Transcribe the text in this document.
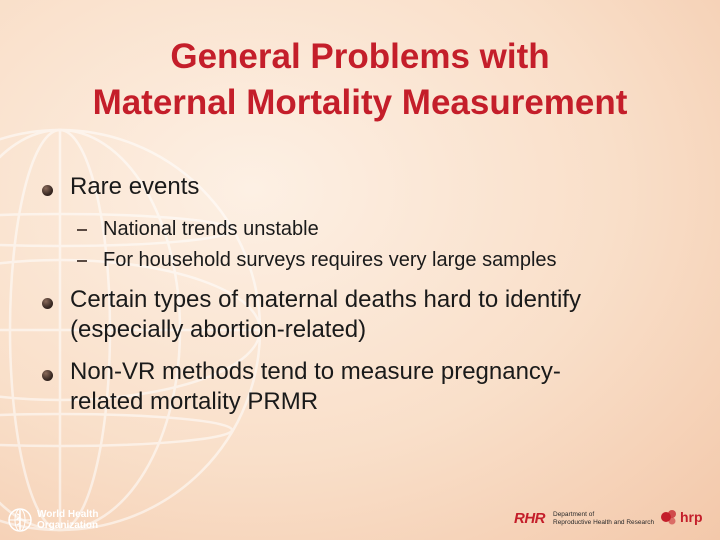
General Problems with
Maternal Mortality Measurement
Rare events
National trends unstable
For household surveys requires very large samples
Certain types of maternal deaths hard to identify
(especially abortion-related)
Non-VR methods tend to measure pregnancy-
related mortality PRMR
World Health
Organization	RHR Department of
Reproductive Health and Research hrp
